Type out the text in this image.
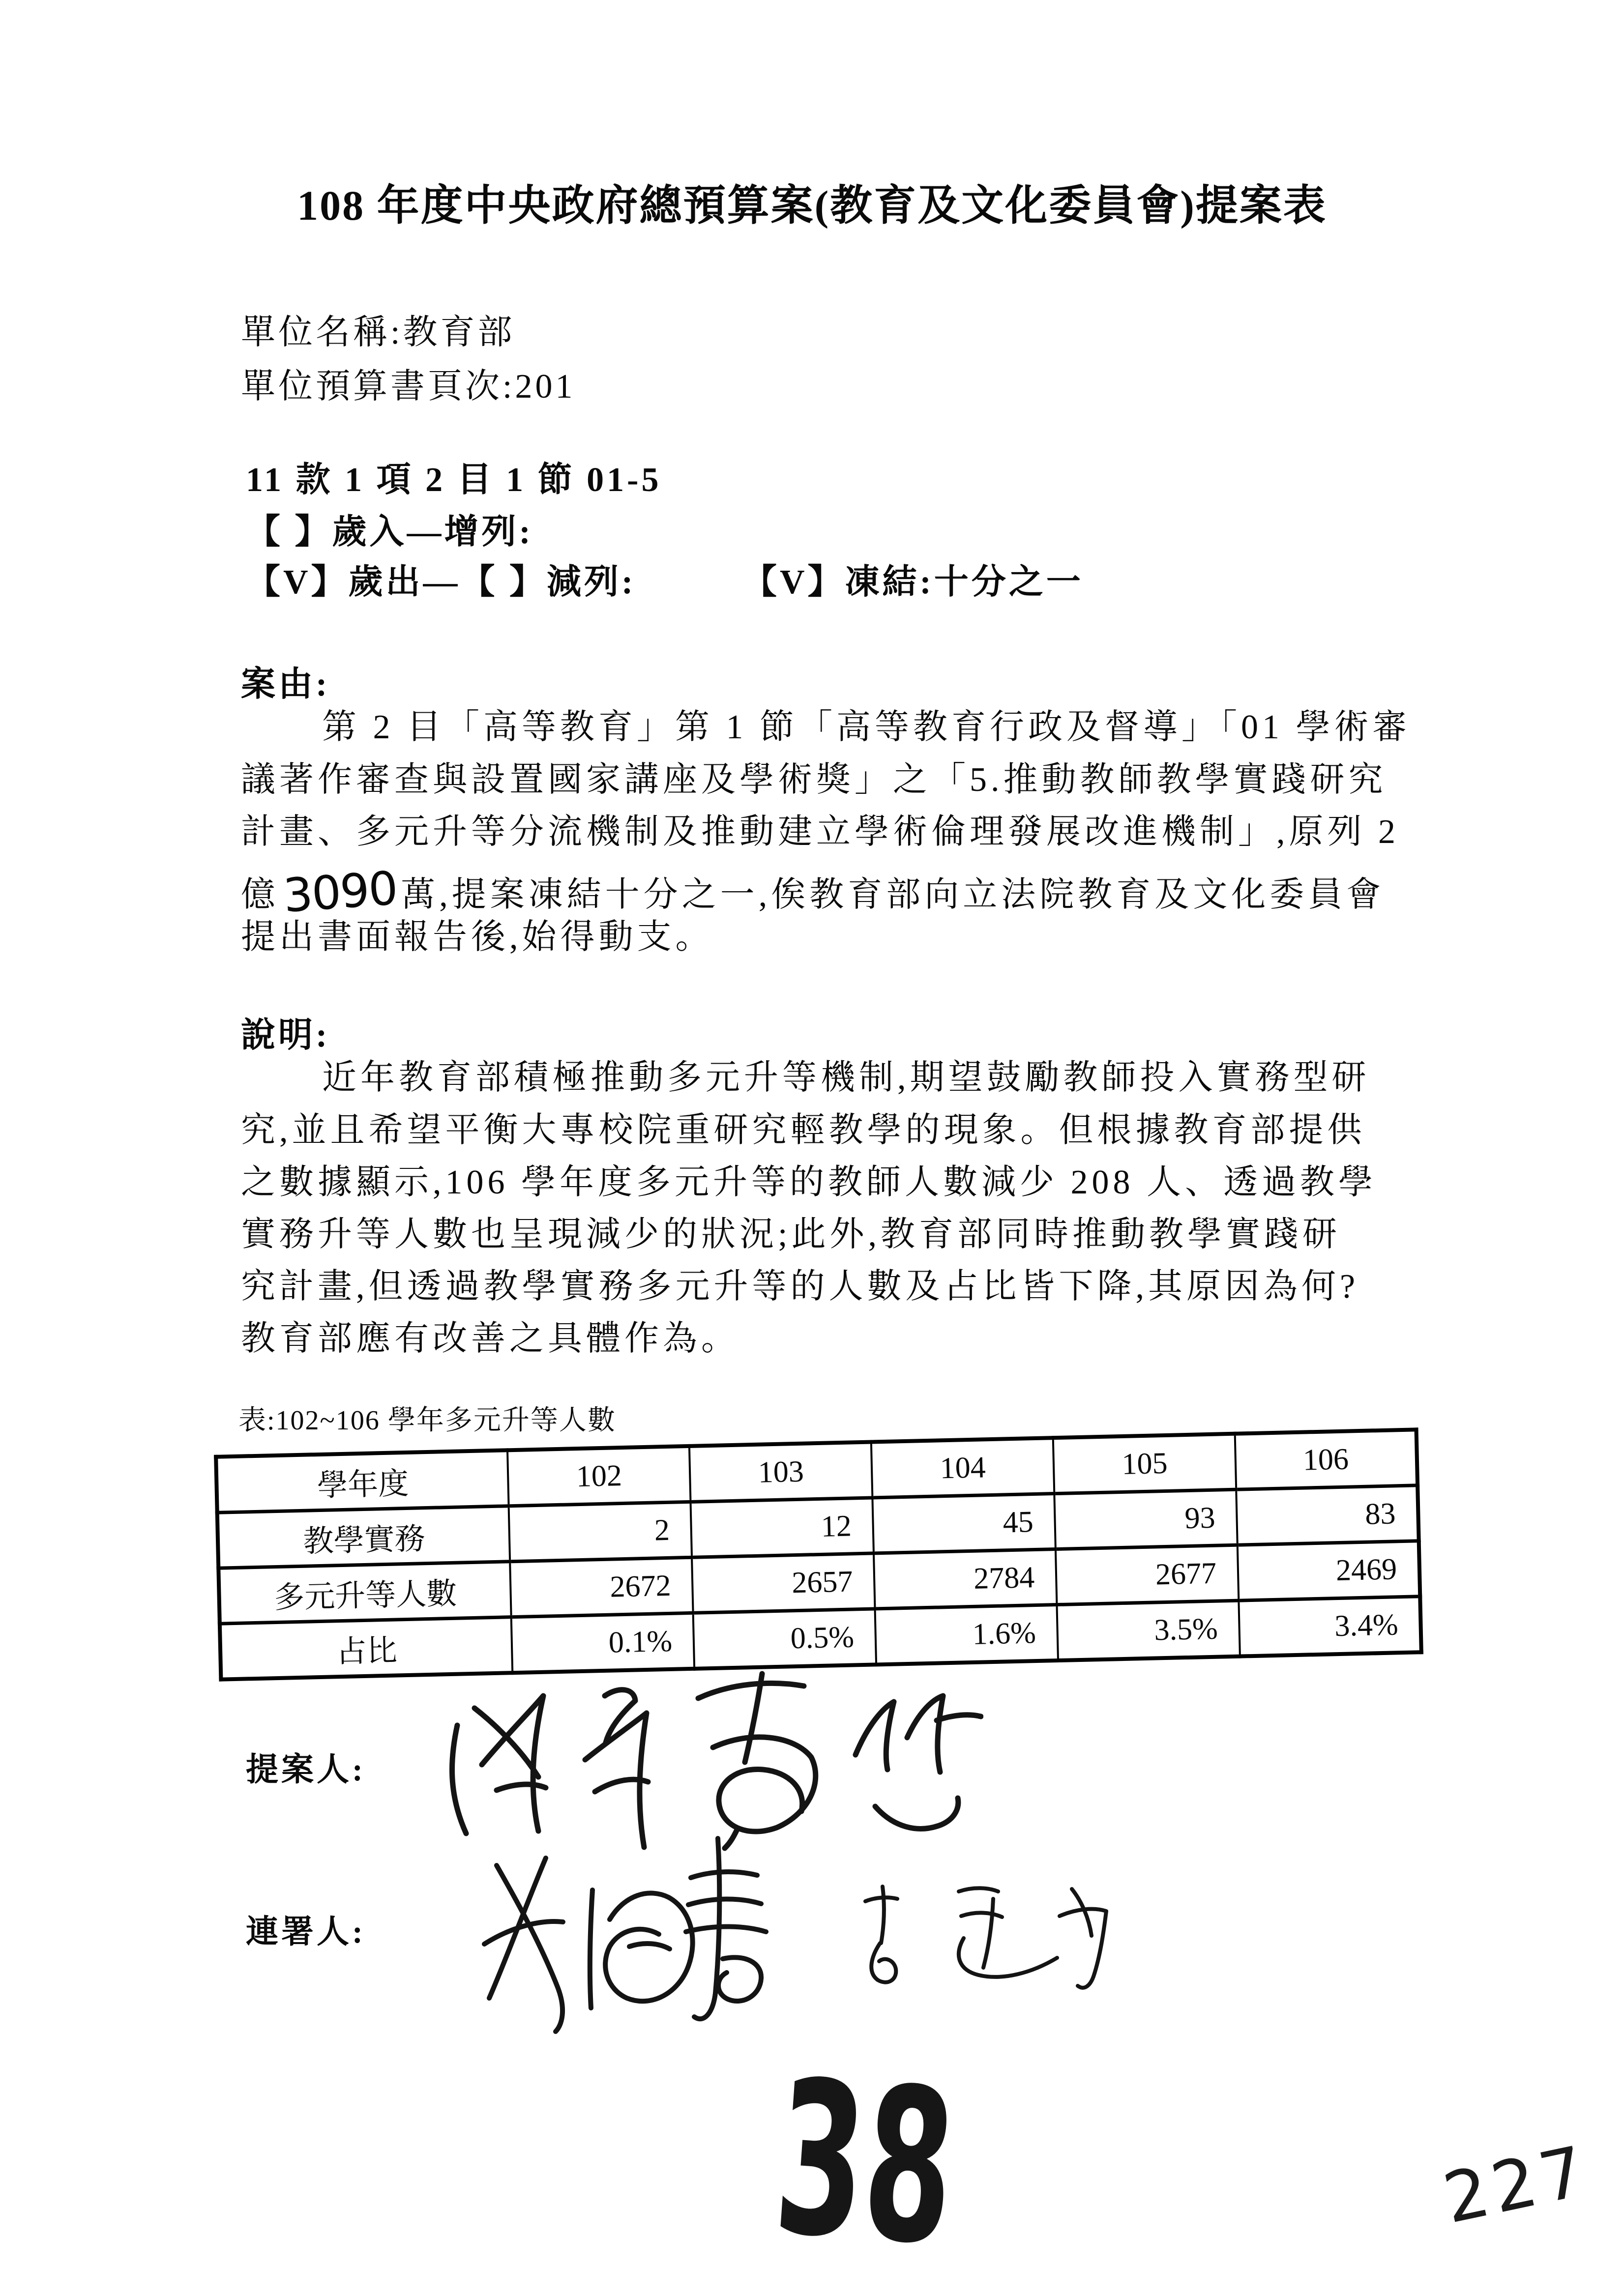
108 年度中央政府總預算案(教育及文化委員會)提案表
單位名稱:教育部
單位預算書頁次:201
11 款 1 項 2 目 1 節 01-5
【 】歲入—增列:
【V】歲出—【 】減列:	【V】凍結:十分之一
案由:
第 2 目「高等教育」第 1 節「高等教育行政及督導」「01 學術審
議著作審查與設置國家講座及學術獎」之「5.推動教師教學實踐研究
計畫、多元升等分流機制及推動建立學術倫理發展改進機制」,原列 2
億3090萬,提案凍結十分之一,俟教育部向立法院教育及文化委員會
提出書面報告後,始得動支。
說明:
近年教育部積極推動多元升等機制,期望鼓勵教師投入實務型研
究,並且希望平衡大專校院重研究輕教學的現象。但根據教育部提供
之數據顯示,106 學年度多元升等的教師人數減少 208 人、透過教學
實務升等人數也呈現減少的狀況;此外,教育部同時推動教學實踐研
究計畫,但透過教學實務多元升等的人數及占比皆下降,其原因為何?
教育部應有改善之具體作為。
表:102~106 學年多元升等人數
學年度	102	103	104	105	106
教學實務	2	12	45	93	83
多元升等人數	2672	2657	2784	2677	2469
占比	0.1%	0.5%	1.6%	3.5%	3.4%
提案人:
連署人:
38	227
